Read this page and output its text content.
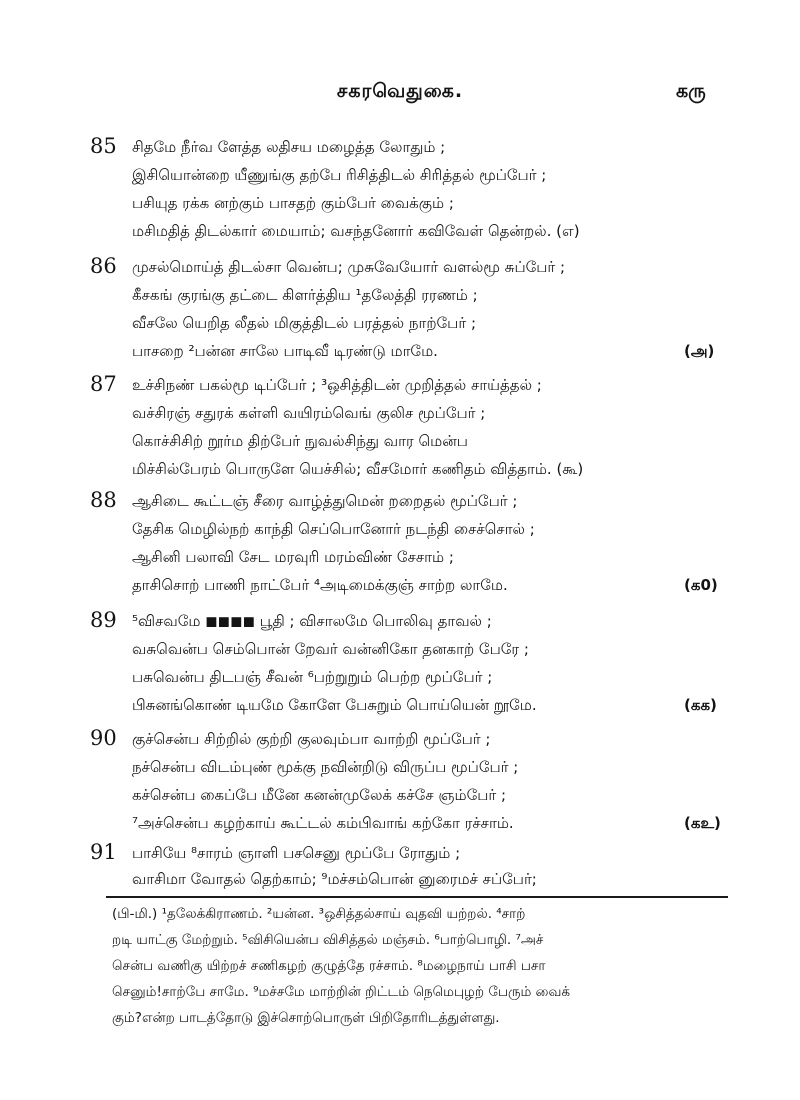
சகரவெதுகை.	கரு
85 சிதமே நீர்வ ளேத்த லதிசய மழைத்த லோதும் ;
இசியொன்றை யீணுங்கு தற்பே ரிசித்திடல் சிரித்தல் மூப்பேர் ;
பசியுத ரக்க னற்கும் பாசதற் கும்பேர் வைக்கும் ;
மசிமதித் திடல்கார் மையாம்; வசந்தனோர் கவிவேள் தென்றல். (எ)
86 முசல்மொய்த் திடல்சா வென்ப; முசுவேயோர் வளல்மூ சுப்பேர் ;
கீசகங் குரங்கு தட்டை கிளர்த்திய ¹தலேத்தி ரரணம் ;
வீசலே யெறித லீதல் மிகுத்திடல் பரத்தல் நாற்பேர் ;
பாசறை ²பன்ன சாலே பாடிவீ டிரண்டு மாமே.	(அ)
87 உச்சிநண் பகல்மூ டிப்பேர் ; ³ஒசித்திடன் முறித்தல் சாய்த்தல் ;
வச்சிரஞ் சதுரக் கள்ளி வயிரம்வெங் குலிச மூப்பேர் ;
கொச்சிசிற் றூர்ம திற்பேர் நுவல்சிந்து வார மென்ப
மிச்சில்பேரம் பொருளே யெச்சில்; வீசமோர் கணிதம் வித்தாம். (கூ)
88 ஆசிடை கூட்டஞ் சீரை வாழ்த்துமென் றறைதல் மூப்பேர் ;
தேசிக மெழில்நற் காந்தி செப்பொனோர் நடந்தி சைச்சொல் ;
ஆசினி பலாவி சேட மரவுரி மரம்விண் சேசாம் ;
தாசிசொற் பாணி நாட்பேர் ⁴அடிமைக்குஞ் சாற்ற லாமே.	(க0)
89 ⁵விசவமே ◼◼◼◼ பூதி ; விசாலமே பொலிவு தாவல் ;
வசுவென்ப செம்பொன் றேவர் வன்னிகோ தனகாற் பேரே ;
பசுவென்ப திடபஞ் சீவன் ⁶பற்றுறும் பெற்ற மூப்பேர் ;
பிசுனங்கொண் டியமே கோளே பேசுறும் பொய்யென் றூமே.	(கக)
90 குச்சென்ப சிற்றில் குற்றி குலவும்பா வாற்றி மூப்பேர் ;
நச்சென்ப விடம்புண் மூக்கு நவின்றிடு விருப்ப மூப்பேர் ;
கச்சென்ப கைப்பே மீனே கனன்முலேக் கச்சே ஞம்பேர் ;
⁷அச்சென்ப கழற்காய் கூட்டல் கம்பிவாங் கற்கோ ரச்சாம்.	(கஉ)
91 பாசியே ⁸சாரம் ஞாளி பசசெனு மூப்பே ரோதும் ;
வாசிமா வோதல் தெற்காம்; ⁹மச்சம்பொன் னுரைமச் சப்பேர்;
(பி-மி.) ¹தலேக்கிராணம். ²யன்ன. ³ஒசித்தல்சாய் வுதவி யற்றல். ⁴சாற்
றடி யாட்கு மேற்றும். ⁵விசியென்ப விசித்தல் மஞ்சம். ⁶பாற்பொழி. ⁷அச்
சென்ப வணிகு யிற்றச் சணிகழற் குழுத்தே ரச்சாம். ⁸மழைநாய் பாசி பசா
செனும்!சாற்பே சாமே. ⁹மச்சமே மாற்றின் றிட்டம் நெமெபுழற் பேரும் வைக்
கும்?என்ற பாடத்தோடு இச்சொற்பொருள் பிறிதோரிடத்துள்ளது.
